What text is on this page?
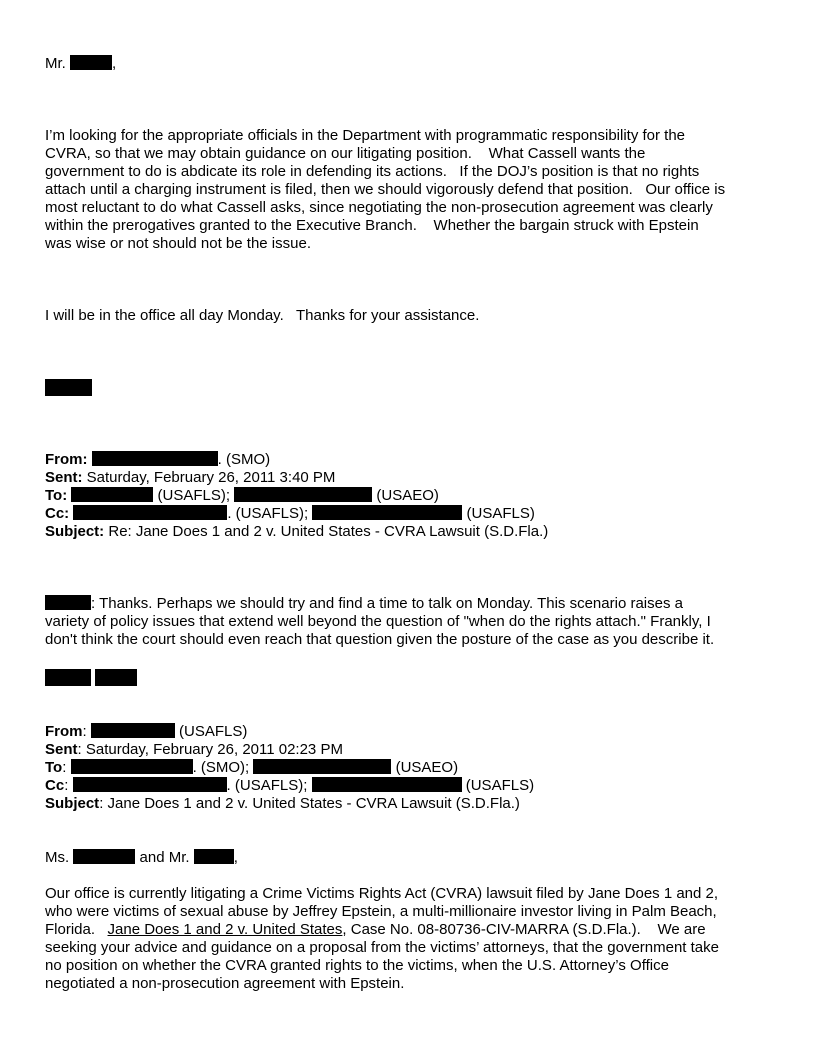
Mr.	,
I’m looking for the appropriate officials in the Department with programmatic responsibility for the
CVRA, so that we may obtain guidance on our litigating position.    What Cassell wants the
government to do is abdicate its role in defending its actions.   If the DOJ’s position is that no rights
attach until a charging instrument is filed, then we should vigorously defend that position.   Our office is
most reluctant to do what Cassell asks, since negotiating the non-prosecution agreement was clearly
within the prerogatives granted to the Executive Branch.    Whether the bargain struck with Epstein
was wise or not should not be the issue.
I will be in the office all day Monday.   Thanks for your assistance.
From:	. (SMO)
Sent: Saturday, February 26, 2011 3:40 PM
To:	(USAFLS);	(USAEO)
Cc:	. (USAFLS);	(USAFLS)
Subject: Re: Jane Does 1 and 2 v. United States - CVRA Lawsuit (S.D.Fla.)
: Thanks. Perhaps we should try and find a time to talk on Monday. This scenario raises a
variety of policy issues that extend well beyond the question of "when do the rights attach." Frankly, I
don't think the court should even reach that question given the posture of the case as you describe it.
From:	(USAFLS)
Sent: Saturday, February 26, 2011 02:23 PM
To:	. (SMO);	(USAEO)
Cc:	. (USAFLS);	(USAFLS)
Subject: Jane Does 1 and 2 v. United States - CVRA Lawsuit (S.D.Fla.)
Ms.	and Mr.	,
Our office is currently litigating a Crime Victims Rights Act (CVRA) lawsuit filed by Jane Does 1 and 2,
who were victims of sexual abuse by Jeffrey Epstein, a multi-millionaire investor living in Palm Beach,
Florida.   Jane Does 1 and 2 v. United States, Case No. 08-80736-CIV-MARRA (S.D.Fla.).    We are
seeking your advice and guidance on a proposal from the victims’ attorneys, that the government take
no position on whether the CVRA granted rights to the victims, when the U.S. Attorney’s Office
negotiated a non-prosecution agreement with Epstein.
